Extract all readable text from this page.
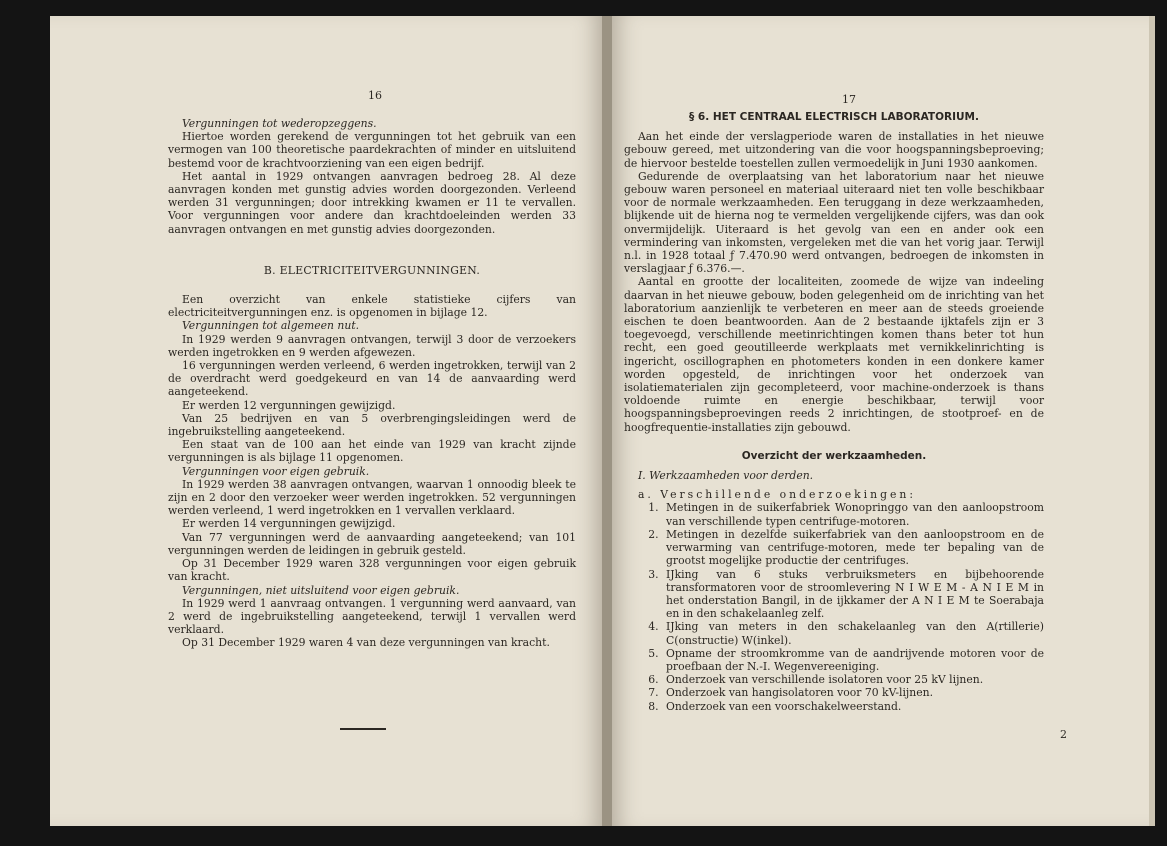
16

Vergunningen tot wederopzeggens.

Hiertoe worden gerekend de vergunningen tot het gebruik van een vermogen van 100 theoretische paardekrachten of minder en uitsluitend bestemd voor de krachtvoorziening van een eigen bedrijf.

Het aantal in 1929 ontvangen aanvragen bedroeg 28. Al deze aanvragen konden met gunstig advies worden doorgezonden. Verleend werden 31 vergunningen; door intrekking kwamen er 11 te vervallen. Voor vergunningen voor andere dan krachtdoeleinden werden 33 aanvragen ontvangen en met gunstig advies doorgezonden.

B. ELECTRICITEITVERGUNNINGEN.

Een overzicht van enkele statistieke cijfers van electriciteitvergunningen enz. is opgenomen in bijlage 12.

Vergunningen tot algemeen nut.

In 1929 werden 9 aanvragen ontvangen, terwijl 3 door de verzoekers werden ingetrokken en 9 werden afgewezen.

16 vergunningen werden verleend, 6 werden ingetrokken, terwijl van 2 de overdracht werd goedgekeurd en van 14 de aanvaarding werd aangeteekend.

Er werden 12 vergunningen gewijzigd.

Van 25 bedrijven en van 5 overbrengingsleidingen werd de ingebruikstelling aangeteekend.

Een staat van de 100 aan het einde van 1929 van kracht zijnde vergunningen is als bijlage 11 opgenomen.

Vergunningen voor eigen gebruik.

In 1929 werden 38 aanvragen ontvangen, waarvan 1 onnoodig bleek te zijn en 2 door den verzoeker weer werden ingetrokken. 52 vergunningen werden verleend, 1 werd ingetrokken en 1 vervallen verklaard.

Er werden 14 vergunningen gewijzigd.

Van 77 vergunningen werd de aanvaarding aangeteekend; van 101 vergunningen werden de leidingen in gebruik gesteld.

Op 31 December 1929 waren 328 vergunningen voor eigen gebruik van kracht.

Vergunningen, niet uitsluitend voor eigen gebruik.

In 1929 werd 1 aanvraag ontvangen. 1 vergunning werd aanvaard, van 2 werd de ingebruikstelling aangeteekend, terwijl 1 vervallen werd verklaard.

Op 31 December 1929 waren 4 van deze vergunningen van kracht.

17

§ 6. HET CENTRAAL ELECTRISCH LABORATORIUM.

Aan het einde der verslagperiode waren de installaties in het nieuwe gebouw gereed, met uitzondering van die voor hoogspanningsbeproeving; de hiervoor bestelde toestellen zullen vermoedelijk in Juni 1930 aankomen.

Gedurende de overplaatsing van het laboratorium naar het nieuwe gebouw waren personeel en materiaal uiteraard niet ten volle beschikbaar voor de normale werkzaamheden. Een teruggang in deze werkzaamheden, blijkende uit de hierna nog te vermelden vergelijkende cijfers, was dan ook onvermijdelijk. Uiteraard is het gevolg van een en ander ook een vermindering van inkomsten, vergeleken met die van het vorig jaar. Terwijl n.l. in 1928 totaal ƒ 7.470.90 werd ontvangen, bedroegen de inkomsten in verslagjaar ƒ 6.376.—.

Aantal en grootte der localiteiten, zoomede de wijze van indeeling daarvan in het nieuwe gebouw, boden gelegenheid om de inrichting van het laboratorium aanzienlijk te verbeteren en meer aan de steeds groeiende eischen te doen beantwoorden. Aan de 2 bestaande ijktafels zijn er 3 toegevoegd, verschillende meetinrichtingen komen thans beter tot hun recht, een goed geoutilleerde werkplaats met vernikkelinrichting is ingericht, oscillographen en photometers konden in een donkere kamer worden opgesteld, de inrichtingen voor het onderzoek van isolatiematerialen zijn gecompleteerd, voor machine-onderzoek is thans voldoende ruimte en energie beschikbaar, terwijl voor hoogspanningsbeproevingen reeds 2 inrichtingen, de stootproef- en de hoogfrequentie-installaties zijn gebouwd.

Overzicht der werkzaamheden.

I. Werkzaamheden voor derden.

a. Verschillende onderzoekingen:

1. Metingen in de suikerfabriek Wonopringgo van den aanloopstroom van verschillende typen centrifuge-motoren.
2. Metingen in dezelfde suikerfabriek van den aanloopstroom en de verwarming van centrifuge-motoren, mede ter bepaling van de grootst mogelijke productie der centrifuges.
3. IJking van 6 stuks verbruiksmeters en bijbehoorende transformatoren voor de stroomlevering N I W E M - A N I E M in het onderstation Bangil, in de ijkkamer der A N I E M te Soerabaja en in den schakelaanleg zelf.
4. IJking van meters in den schakelaanleg van den A(rtillerie) C(onstructie) W(inkel).
5. Opname der stroomkromme van de aandrijvende motoren voor de proefbaan der N.-I. Wegenvereeniging.
6. Onderzoek van verschillende isolatoren voor 25 kV lijnen.
7. Onderzoek van hangisolatoren voor 70 kV-lijnen.
8. Onderzoek van een voorschakelweerstand.
2
